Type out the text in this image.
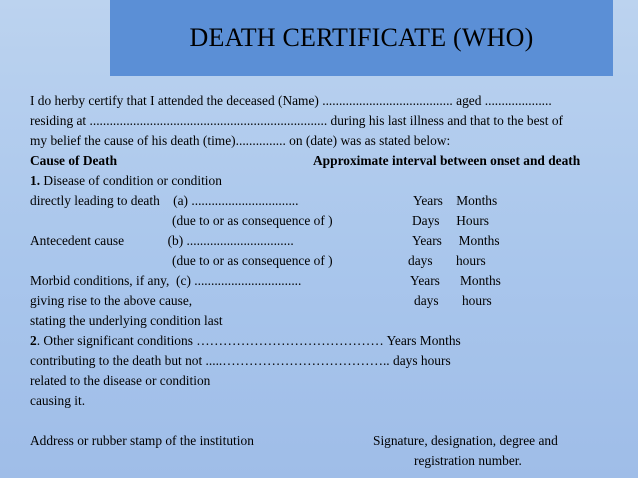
DEATH CERTIFICATE (WHO)
I do herby certify that I attended the deceased (Name) ....................................... aged ....................
residing at ....................................................................... during his last illness and that to the best of
my belief the cause of his death (time)............... on (date) was as stated below:
Cause of Death	Approximate interval between onset and death
1. Disease of condition or condition
directly leading to death    (a) ................................	Years    Months
(due to or as consequence of )	Days     Hours
Antecedent cause             (b) ................................	Years     Months
(due to or as consequence of )	days       hours
Morbid conditions, if any,  (c) ................................	Years      Months
giving rise to the above cause,	days       hours
stating the underlying condition last
2. Other significant conditions …………………………………… Years Months
contributing to the death but not .....……………………………….. days hours
related to the disease or condition
causing it.
Address or rubber stamp of the institution	Signature, designation, degree and
registration number.
